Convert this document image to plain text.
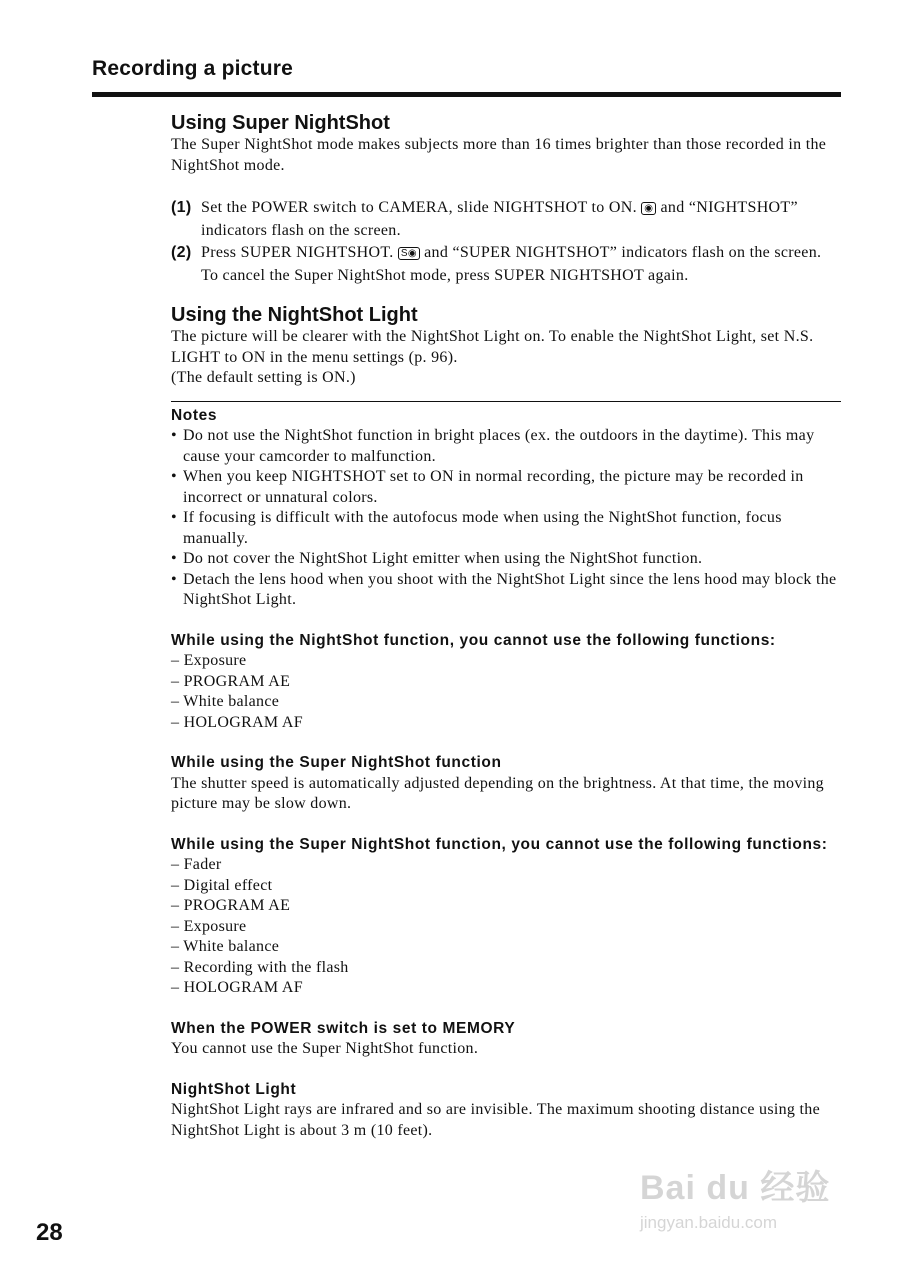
Recording a picture
Using Super NightShot

The Super NightShot mode makes subjects more than 16 times brighter than those recorded in the NightShot mode.

(1) Set the POWER switch to CAMERA, slide NIGHTSHOT to ON. ◉ and “NIGHTSHOT” indicators flash on the screen.
(2) Press SUPER NIGHTSHOT. S◉ and “SUPER NIGHTSHOT” indicators flash on the screen.
To cancel the Super NightShot mode, press SUPER NIGHTSHOT again.
Using the NightShot Light

The picture will be clearer with the NightShot Light on. To enable the NightShot Light, set N.S. LIGHT to ON in the menu settings (p. 96).

(The default setting is ON.)

Notes
• Do not use the NightShot function in bright places (ex. the outdoors in the daytime). This may cause your camcorder to malfunction.
• When you keep NIGHTSHOT set to ON in normal recording, the picture may be recorded in incorrect or unnatural colors.
• If focusing is difficult with the autofocus mode when using the NightShot function, focus manually.
• Do not cover the NightShot Light emitter when using the NightShot function.
• Detach the lens hood when you shoot with the NightShot Light since the lens hood may block the NightShot Light.
While using the NightShot function, you cannot use the following functions:
– Exposure
– PROGRAM AE
– White balance
– HOLOGRAM AF
While using the Super NightShot function

The shutter speed is automatically adjusted depending on the brightness. At that time, the moving picture may be slow down.

While using the Super NightShot function, you cannot use the following functions:
– Fader
– Digital effect
– PROGRAM AE
– Exposure
– White balance
– Recording with the flash
– HOLOGRAM AF
When the POWER switch is set to MEMORY

You cannot use the Super NightShot function.

NightShot Light

NightShot Light rays are infrared and so are invisible. The maximum shooting distance using the NightShot Light is about 3 m (10 feet).

28
Bai du 经验
jingyan.baidu.com
